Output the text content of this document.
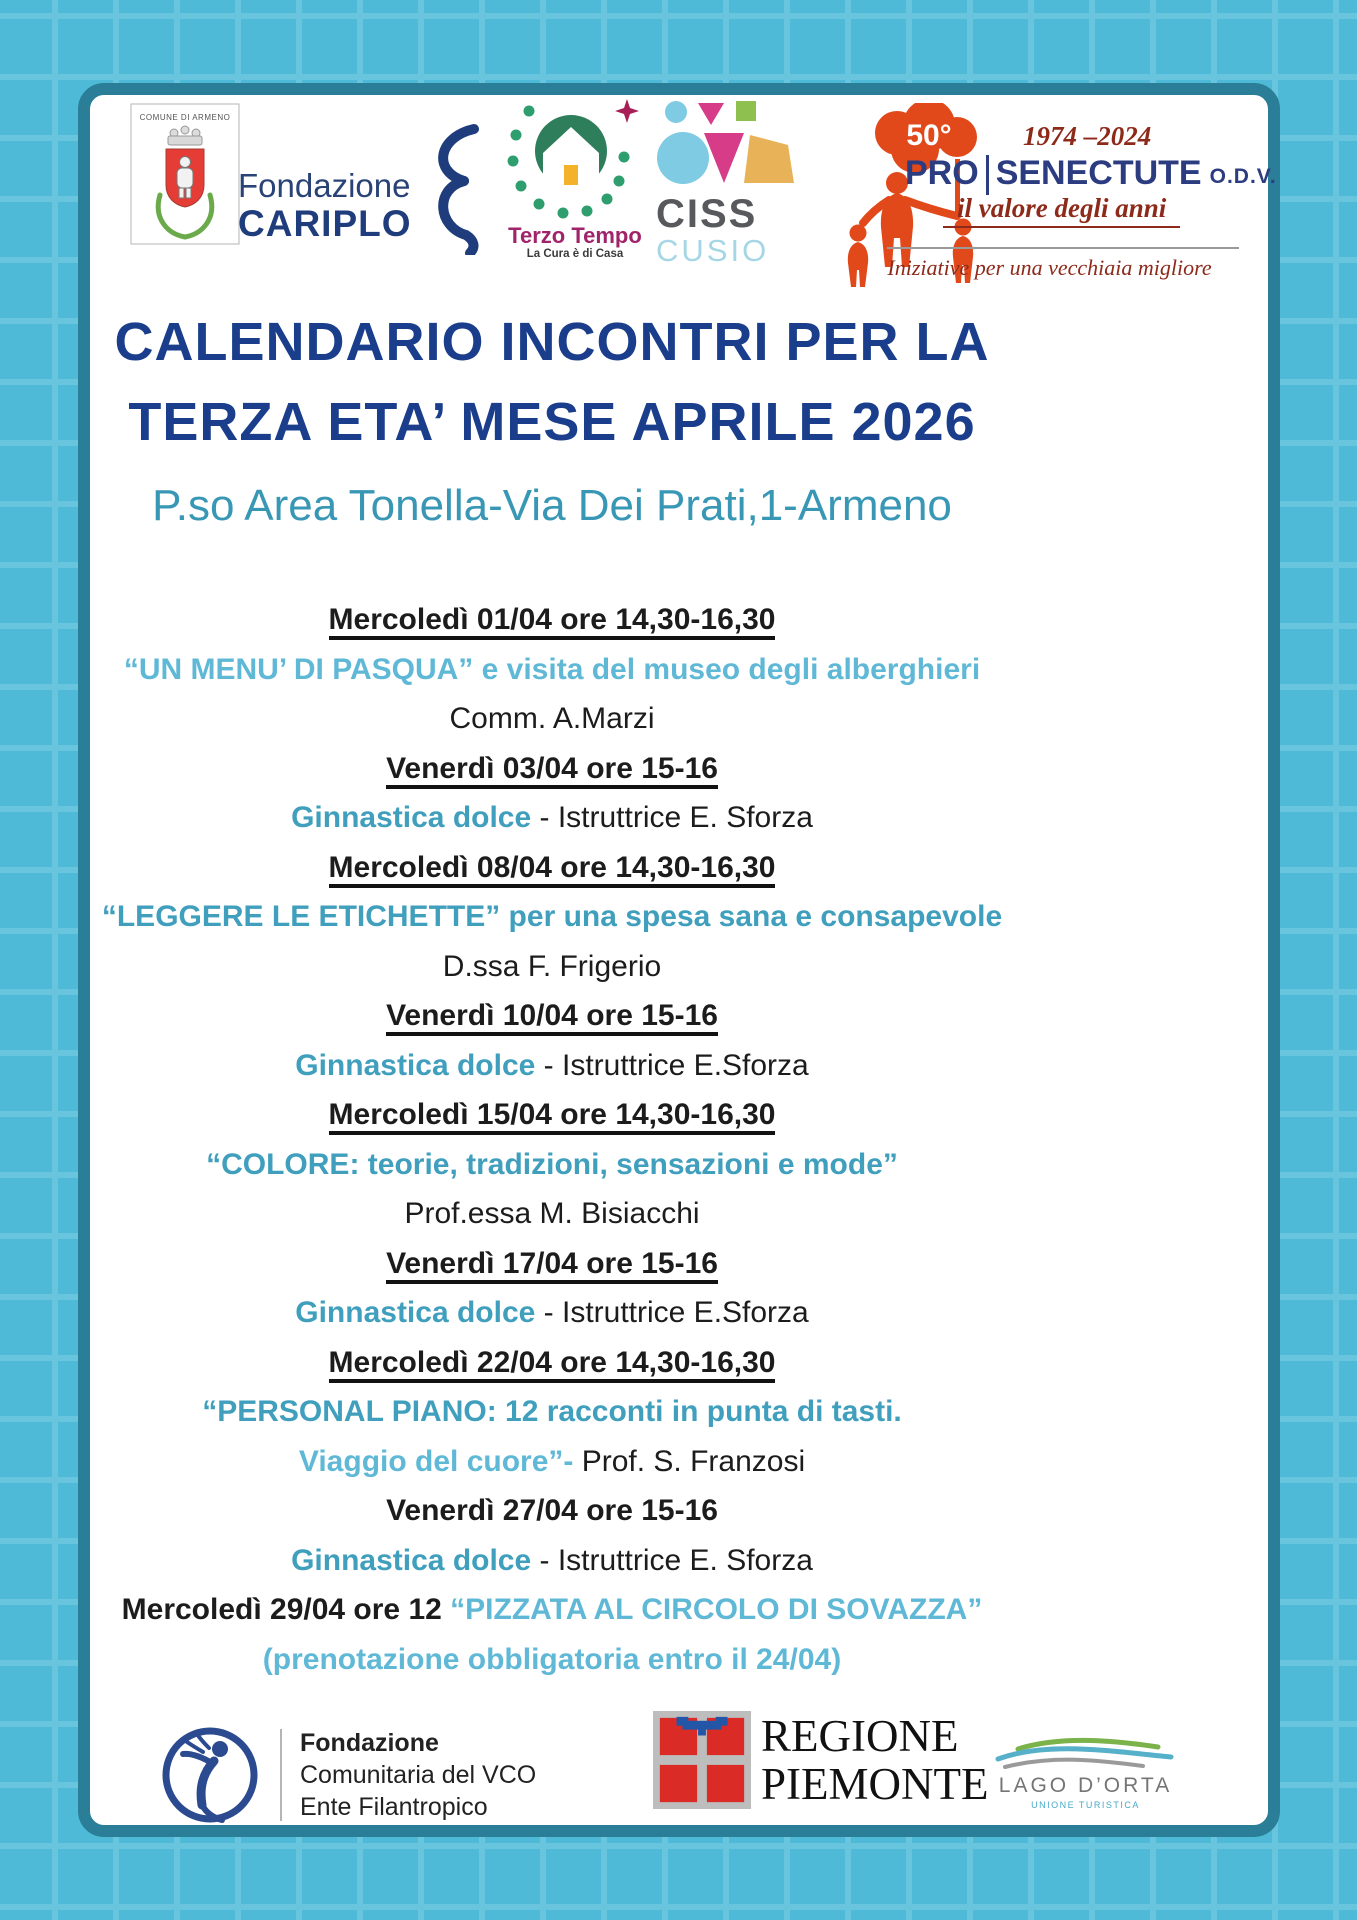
COMUNE DI ARMENO
Fondazione
CARIPLO	Terzo Tempo
La Cura è di Casa
CISS
CUSIO
50°	1974 –2024
PRO SENECTUTE O.D.V.
il valore degli anni
Iniziative per una vecchiaia migliore
CALENDARIO INCONTRI PER LA
TERZA ETA’ MESE APRILE 2026
P.so Area Tonella-Via Dei Prati,1-Armeno
Mercoledì 01/04 ore 14,30-16,30
“UN MENU’ DI PASQUA” e visita del museo degli alberghieri
Comm. A.Marzi
Venerdì 03/04 ore 15-16
Ginnastica dolce - Istruttrice E. Sforza
Mercoledì 08/04 ore 14,30-16,30
“LEGGERE LE ETICHETTE” per una spesa sana e consapevole
D.ssa F. Frigerio
Venerdì 10/04 ore 15-16
Ginnastica dolce - Istruttrice E.Sforza
Mercoledì 15/04 ore 14,30-16,30
“COLORE: teorie, tradizioni, sensazioni e mode”
Prof.essa M. Bisiacchi
Venerdì 17/04 ore 15-16
Ginnastica dolce - Istruttrice E.Sforza
Mercoledì 22/04 ore 14,30-16,30
“PERSONAL PIANO: 12 racconti in punta di tasti.
Viaggio del cuore”- Prof. S. Franzosi
Venerdì 27/04 ore 15-16
Ginnastica dolce - Istruttrice E. Sforza
Mercoledì 29/04 ore 12 “PIZZATA AL CIRCOLO DI SOVAZZA”
(prenotazione obbligatoria entro il 24/04)
Fondazione
Comunitaria del VCO
Ente Filantropico
REGIONE
PIEMONTE LAGO D’ORTA
UNIONE TURISTICA
